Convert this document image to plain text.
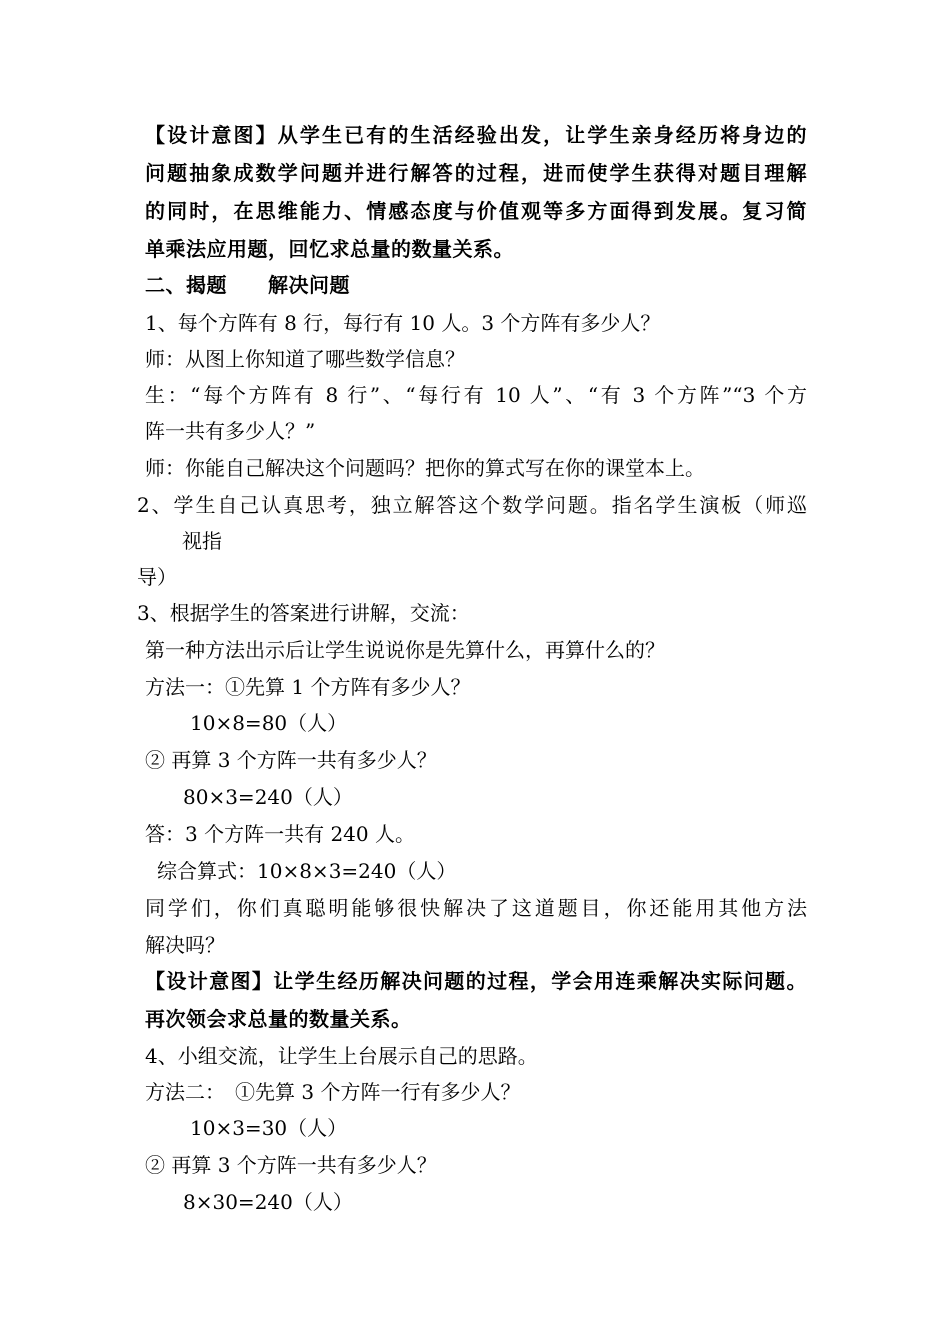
【设计意图】从学生已有的生活经验出发，让学生亲身经历将身边的
问题抽象成数学问题并进行解答的过程，进而使学生获得对题目理解
的同时，在思维能力、情感态度与价值观等多方面得到发展。复习简
单乘法应用题，回忆求总量的数量关系。
二、揭题　　解决问题
1、每个方阵有 8 行，每行有 10 人。3 个方阵有多少人？
师：从图上你知道了哪些数学信息？
生：“每个方阵有 8 行”、“每行有 10 人”、“有 3 个方阵”“3 个方
阵一共有多少人？”
师：你能自己解决这个问题吗？把你的算式写在你的课堂本上。
2、学生自己认真思考，独立解答这个数学问题。指名学生演板（师巡
视指
导）
3、根据学生的答案进行讲解，交流：
第一种方法出示后让学生说说你是先算什么，再算什么的？
方法一：①先算 1 个方阵有多少人？
10×8=80（人）
② 再算 3 个方阵一共有多少人？
80×3=240（人）
答：3 个方阵一共有 240 人。
综合算式：10×8×3=240（人）
同学们，你们真聪明能够很快解决了这道题目，你还能用其他方法
解决吗？
【设计意图】让学生经历解决问题的过程，学会用连乘解决实际问题。
再次领会求总量的数量关系。
4、小组交流，让学生上台展示自己的思路。
方法二：　①先算 3 个方阵一行有多少人？
10×3=30（人）
② 再算 3 个方阵一共有多少人？
8×30=240（人）
